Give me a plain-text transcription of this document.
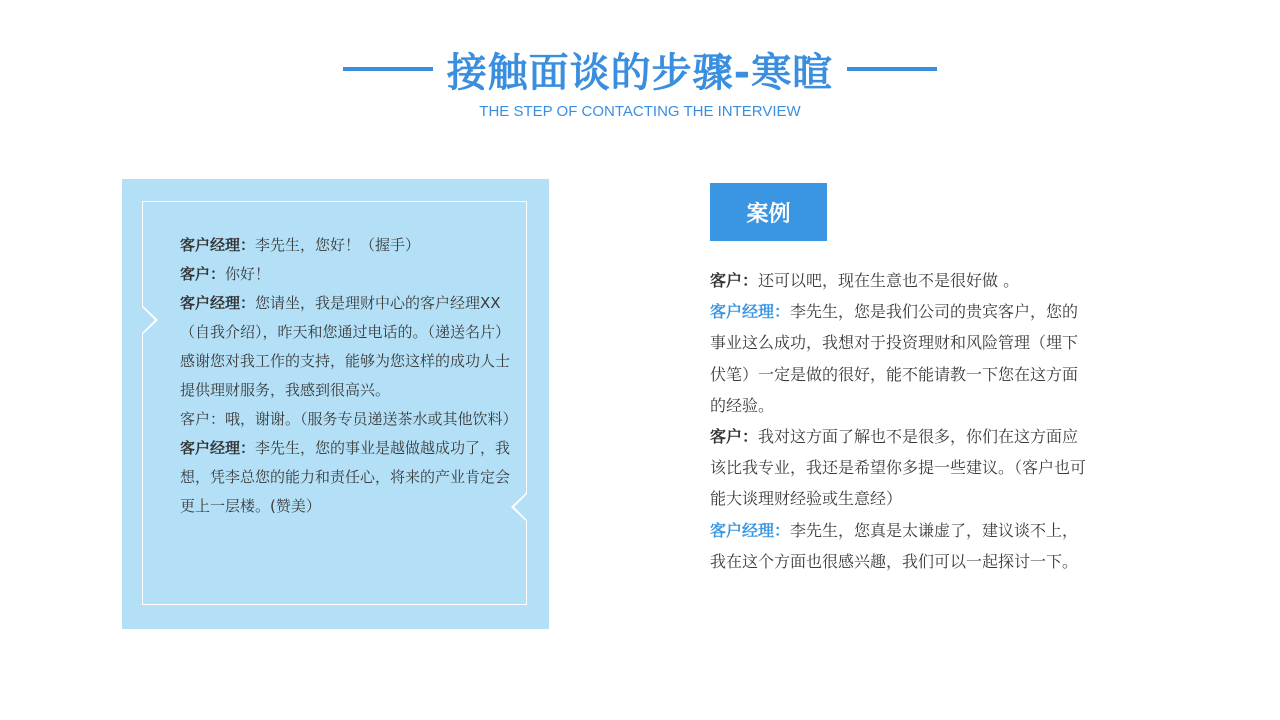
接触面谈的步骤-寒暄
THE STEP OF CONTACTING THE INTERVIEW

客户经理：李先生，您好！（握手）

客户：你好！

客户经理：您请坐，我是理财中心的客户经理XX（自我介绍），昨天和您通过电话的。（递送名片）感谢您对我工作的支持，能够为您这样的成功人士提供理财服务，我感到很高兴。

客户：哦，谢谢。（服务专员递送茶水或其他饮料）

客户经理：李先生，您的事业是越做越成功了，我想，凭李总您的能力和责任心，将来的产业肯定会更上一层楼。(赞美）

案例

客户：还可以吧，现在生意也不是很好做 。

客户经理：李先生，您是我们公司的贵宾客户，您的事业这么成功，我想对于投资理财和风险管理（埋下伏笔）一定是做的很好，能不能请教一下您在这方面的经验。

客户：我对这方面了解也不是很多，你们在这方面应该比我专业，我还是希望你多提一些建议。（客户也可能大谈理财经验或生意经）

客户经理：李先生，您真是太谦虚了，建议谈不上，我在这个方面也很感兴趣，我们可以一起探讨一下。
